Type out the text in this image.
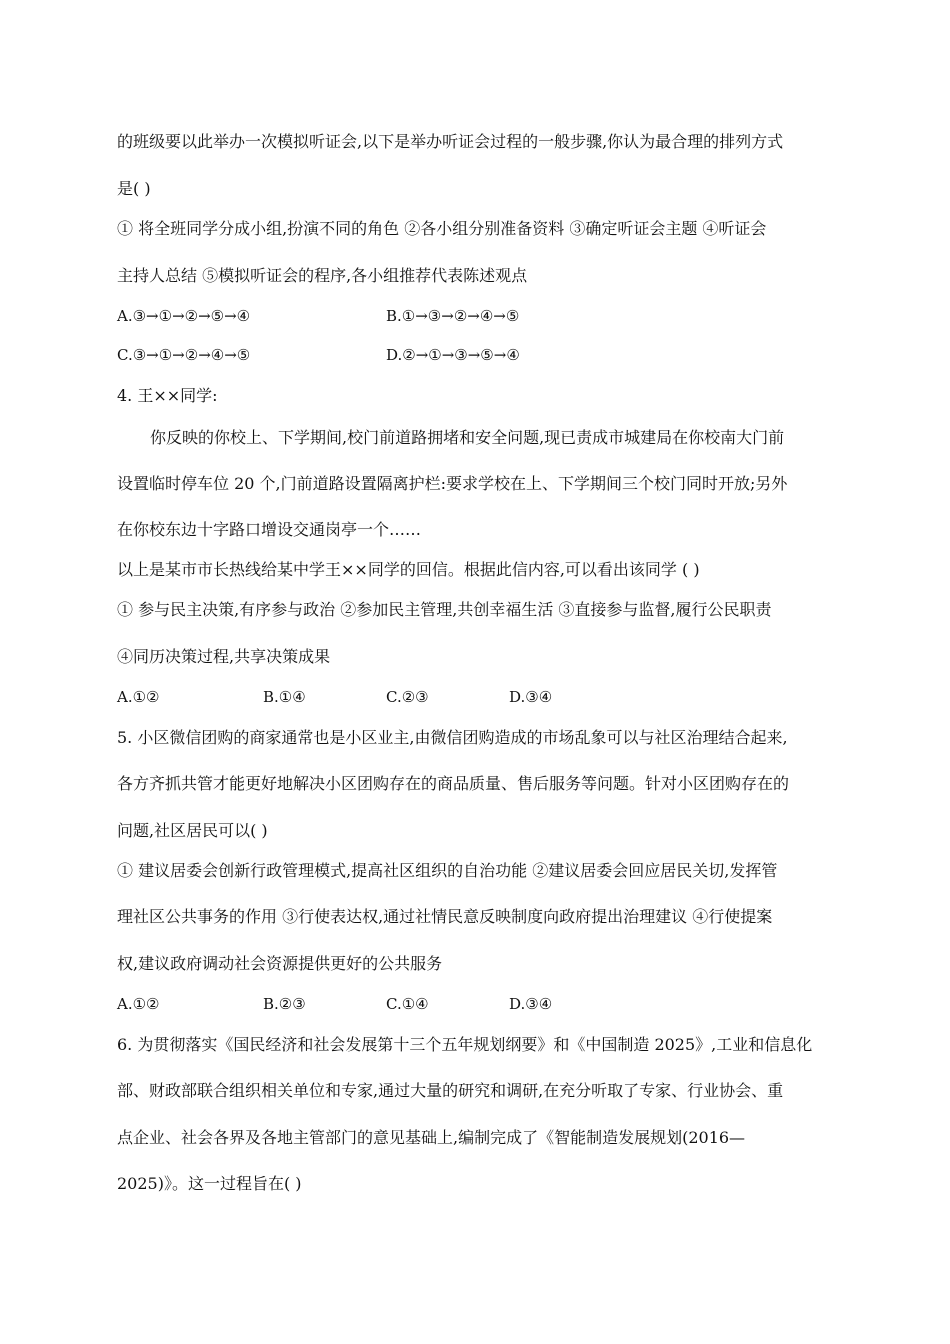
的班级要以此举办一次模拟听证会,以下是举办听证会过程的一般步骤,你认为最合理的排列方式
是( )
① 将全班同学分成小组,扮演不同的角色 ②各小组分别准备资料 ③确定听证会主题 ④听证会
主持人总结 ⑤模拟听证会的程序,各小组推荐代表陈述观点
A.③→①→②→⑤→④	B.①→③→②→④→⑤
C.③→①→②→④→⑤	D.②→①→③→⑤→④
4. 王××同学:
你反映的你校上、下学期间,校门前道路拥堵和安全问题,现已责成市城建局在你校南大门前
设置临时停车位 20 个,门前道路设置隔离护栏:要求学校在上、下学期间三个校门同时开放;另外
在你校东边十字路口增设交通岗亭一个……
以上是某市市长热线给某中学王××同学的回信。根据此信内容,可以看出该同学 ( )
① 参与民主决策,有序参与政治 ②参加民主管理,共创幸福生活 ③直接参与监督,履行公民职责
④同历决策过程,共享决策成果
A.①②	B.①④	C.②③	D.③④
5. 小区微信团购的商家通常也是小区业主,由微信团购造成的市场乱象可以与社区治理结合起来,
各方齐抓共管才能更好地解决小区团购存在的商品质量、售后服务等问题。针对小区团购存在的
问题,社区居民可以( )
① 建议居委会创新行政管理模式,提高社区组织的自治功能 ②建议居委会回应居民关切,发挥管
理社区公共事务的作用 ③行使表达权,通过社情民意反映制度向政府提出治理建议 ④行使提案
权,建议政府调动社会资源提供更好的公共服务
A.①②	B.②③	C.①④	D.③④
6. 为贯彻落实《国民经济和社会发展第十三个五年规划纲要》和《中国制造 2025》,工业和信息化
部、财政部联合组织相关单位和专家,通过大量的研究和调研,在充分听取了专家、行业协会、重
点企业、社会各界及各地主管部门的意见基础上,编制完成了《智能制造发展规划(2016—
2025)》。这一过程旨在( )
